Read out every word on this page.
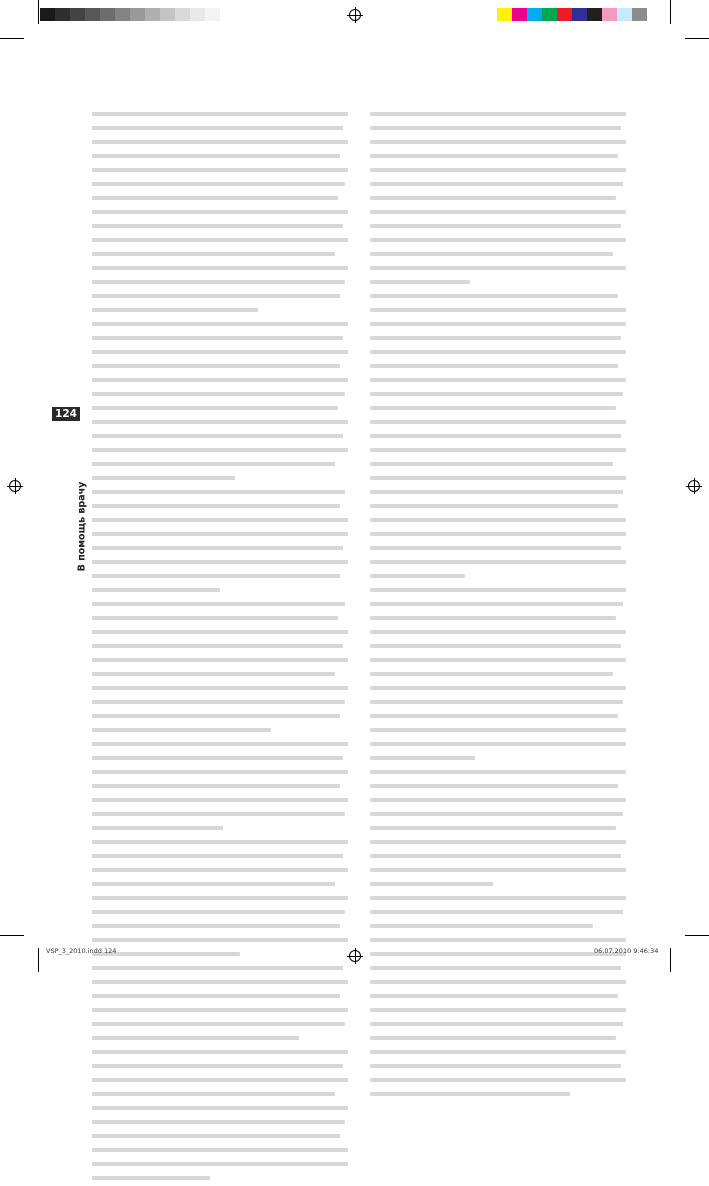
124
В помощь врачу
VSP_3_2010.indd 124	06.07.2010 9:46:34
